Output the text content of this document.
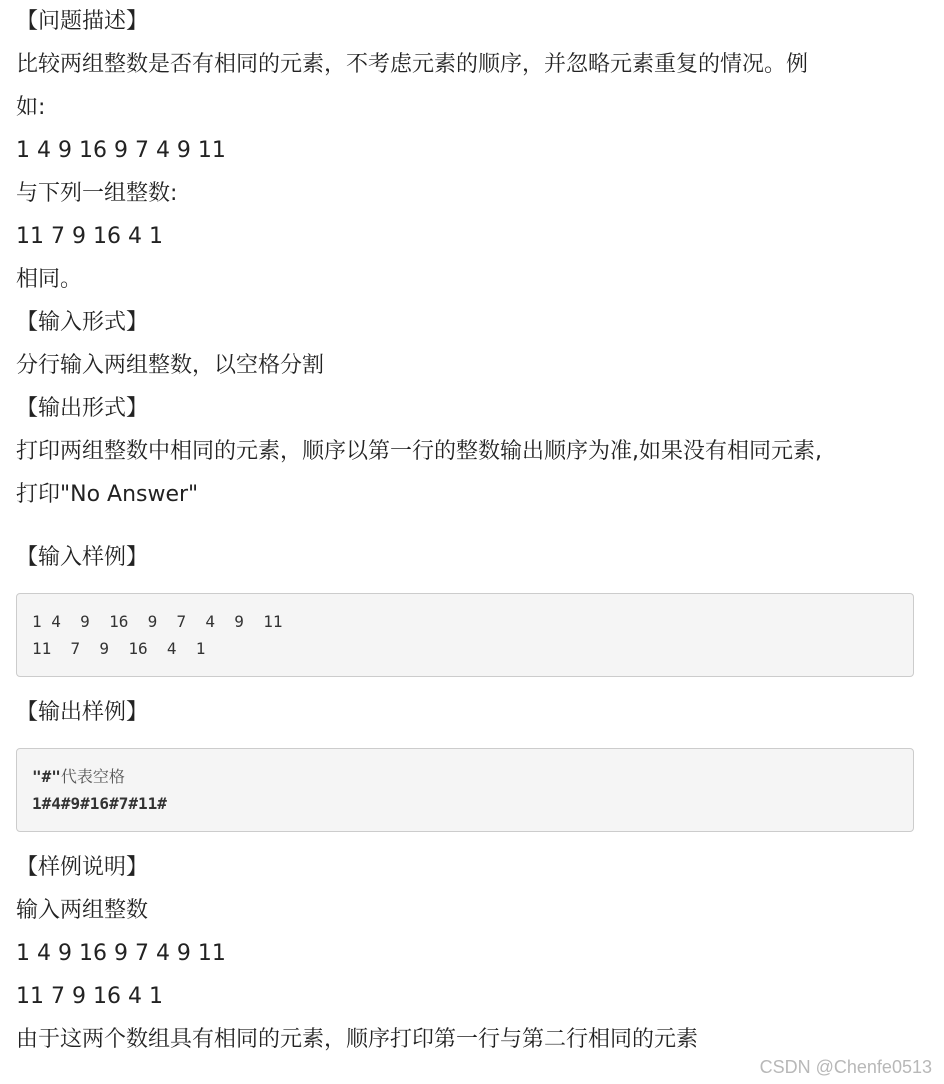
【问题描述】
比较两组整数是否有相同的元素，不考虑元素的顺序，并忽略元素重复的情况。例
如:
1 4 9 16 9 7 4 9 11
与下列一组整数:
11 7 9 16 4 1
相同。
【输入形式】
分行输入两组整数，以空格分割
【输出形式】
打印两组整数中相同的元素，顺序以第一行的整数输出顺序为准,如果没有相同元素,
打印"No Answer"
【输入样例】
1 4  9  16  9  7  4  9  11
11  7  9  16  4  1
【输出样例】
"#"代表空格
1#4#9#16#7#11#
【样例说明】
输入两组整数
1 4 9 16 9 7 4 9 11
11 7 9 16 4 1
由于这两个数组具有相同的元素，顺序打印第一行与第二行相同的元素
CSDN @Chenfe0513
